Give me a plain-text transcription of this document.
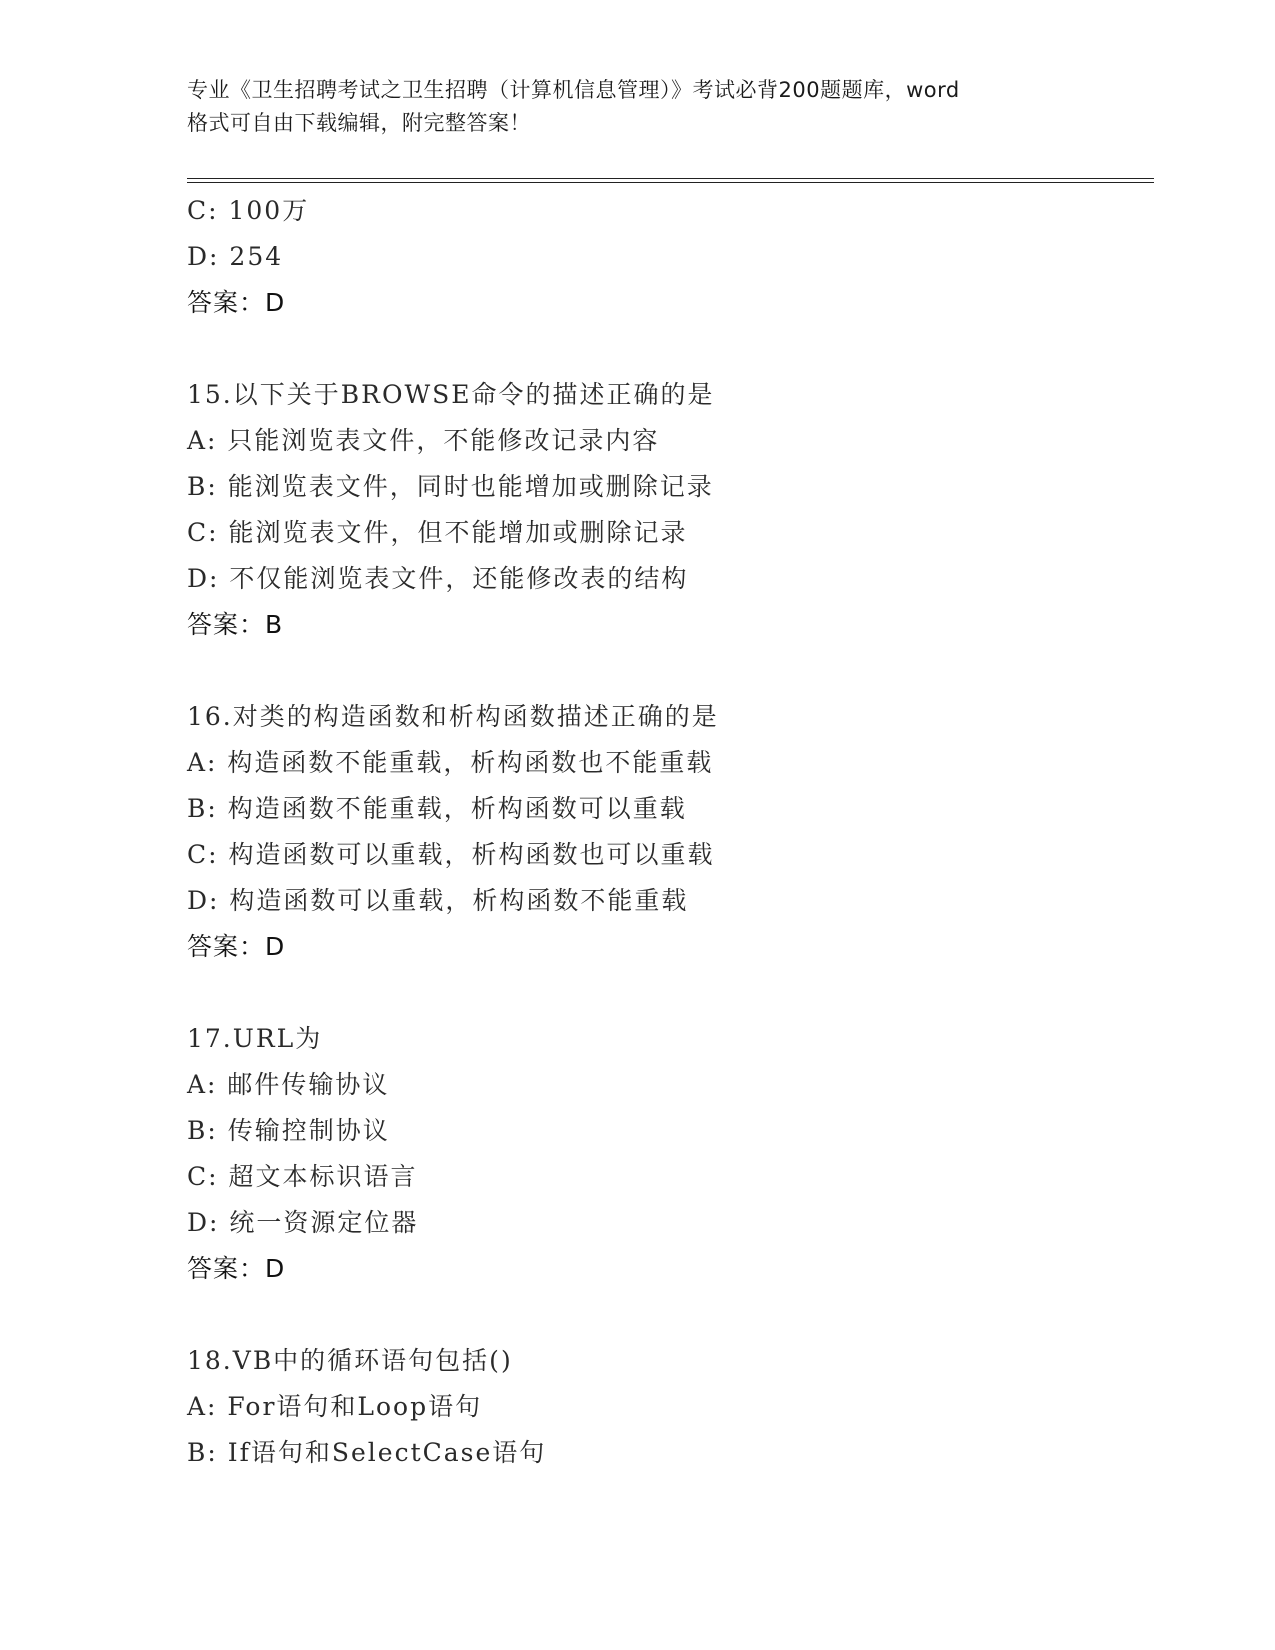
专业《卫生招聘考试之卫生招聘（计算机信息管理）》考试必背200题题库，word
格式可自由下载编辑，附完整答案！
C: 100万
D: 254
答案：D
15.以下关于BROWSE命令的描述正确的是
A: 只能浏览表文件，不能修改记录内容
B: 能浏览表文件，同时也能增加或删除记录
C: 能浏览表文件，但不能增加或删除记录
D: 不仅能浏览表文件，还能修改表的结构
答案：B
16.对类的构造函数和析构函数描述正确的是
A: 构造函数不能重载，析构函数也不能重载
B: 构造函数不能重载，析构函数可以重载
C: 构造函数可以重载，析构函数也可以重载
D: 构造函数可以重载，析构函数不能重载
答案：D
17.URL为
A: 邮件传输协议
B: 传输控制协议
C: 超文本标识语言
D: 统一资源定位器
答案：D
18.VB中的循环语句包括()
A: For语句和Loop语句
B: If语句和SelectCase语句
